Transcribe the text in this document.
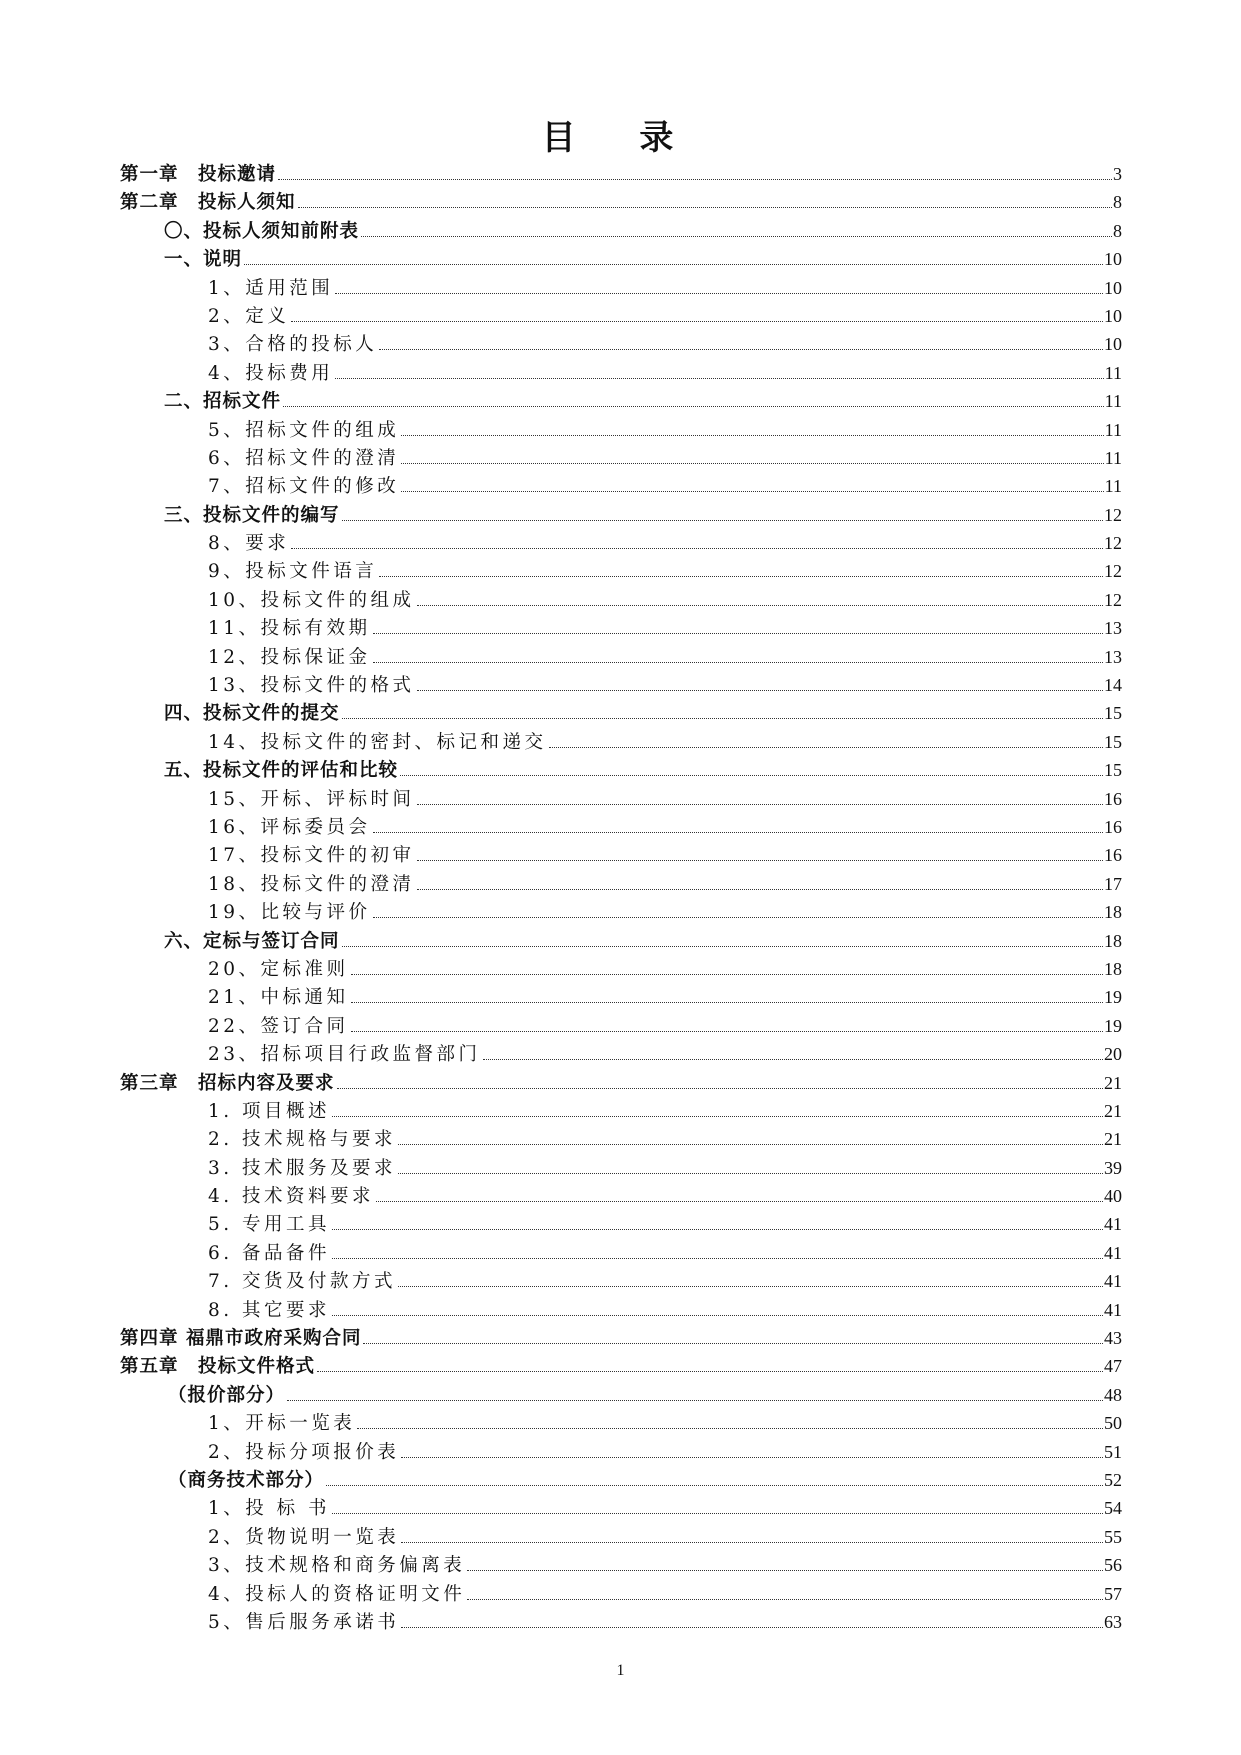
目 录
第一章　投标邀请	3
第二章　投标人须知	8
〇、投标人须知前附表	8
一、说明	10
1、适用范围	10
2、定义	10
3、合格的投标人	10
4、投标费用	11
二、招标文件	11
5、招标文件的组成	11
6、招标文件的澄清	11
7、招标文件的修改	11
三、投标文件的编写	12
8、要求	12
9、投标文件语言	12
10、投标文件的组成	12
11、投标有效期	13
12、投标保证金	13
13、投标文件的格式	14
四、投标文件的提交	15
14、投标文件的密封、标记和递交	15
五、投标文件的评估和比较	15
15、开标、评标时间	16
16、评标委员会	16
17、投标文件的初审	16
18、投标文件的澄清	17
19、比较与评价	18
六、定标与签订合同	18
20、定标准则	18
21、中标通知	19
22、签订合同	19
23、招标项目行政监督部门	20
第三章　招标内容及要求	21
1. 项目概述	21
2. 技术规格与要求	21
3. 技术服务及要求	39
4. 技术资料要求	40
5. 专用工具	41
6. 备品备件	41
7. 交货及付款方式	41
8. 其它要求	41
第四章 福鼎市政府采购合同	43
第五章　投标文件格式	47
（报价部分）	48
1、开标一览表	50
2、投标分项报价表	51
（商务技术部分）	52
1、投 标 书	54
2、货物说明一览表	55
3、技术规格和商务偏离表	56
4、投标人的资格证明文件	57
5、售后服务承诺书	63
1
